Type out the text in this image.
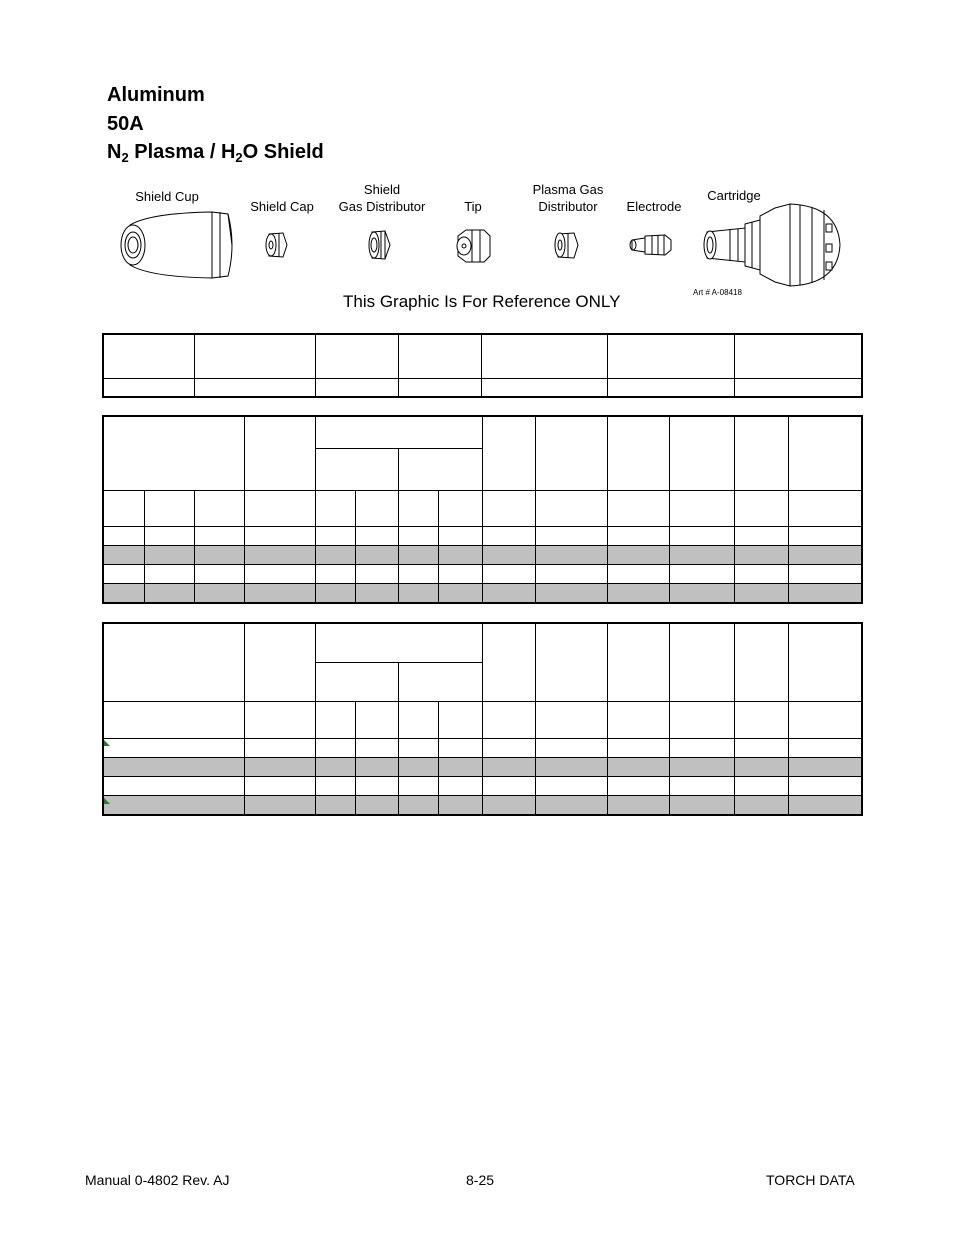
Aluminum
50A
$N_2$ Plasma / $H_2O$ Shield
Shield Cup
Shield Cap
Shield
Gas Distributor	Tip
Plasma Gas
Distributor	Electrode
Cartridge
Art # A-08418
This Graphic Is For Reference ONLY

Manual 0-4802 Rev. AJ	8-25	TORCH DATA
